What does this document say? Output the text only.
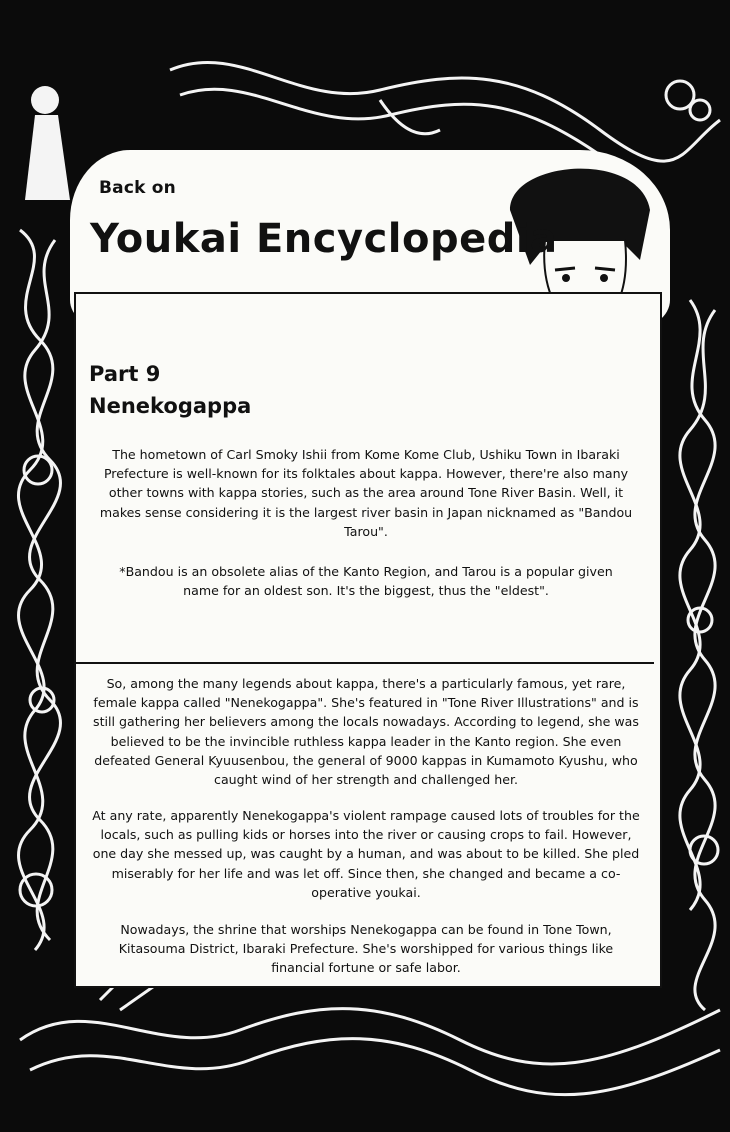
Back on
Youkai Encyclopedia
Part 9
Nenekogappa

The hometown of Carl Smoky Ishii from Kome Kome Club, Ushiku Town in Ibaraki Prefecture is well-known for its folktales about kappa. However, there're also many other towns with kappa stories, such as the area around Tone River Basin. Well, it makes sense considering it is the largest river basin in Japan nicknamed as "Bandou Tarou".

*Bandou is an obsolete alias of the Kanto Region, and Tarou is a popular given name for an oldest son. It's the biggest, thus the "eldest".

So, among the many legends about kappa, there's a particularly famous, yet rare, female kappa called "Nenekogappa". She's featured in "Tone River Illustrations" and is still gathering her believers among the locals nowadays. According to legend, she was believed to be the invincible ruthless kappa leader in the Kanto region. She even defeated General Kyuusenbou, the general of 9000 kappas in Kumamoto Kyushu, who caught wind of her strength and challenged her.

At any rate, apparently Nenekogappa's violent rampage caused lots of troubles for the locals, such as pulling kids or horses into the river or causing crops to fail. However, one day she messed up, was caught by a human, and was about to be killed. She pled miserably for her life and was let off. Since then, she changed and became a co-operative youkai.

Nowadays, the shrine that worships Nenekogappa can be found in Tone Town, Kitasouma District, Ibaraki Prefecture. She's worshipped for various things like financial fortune or safe labor.
